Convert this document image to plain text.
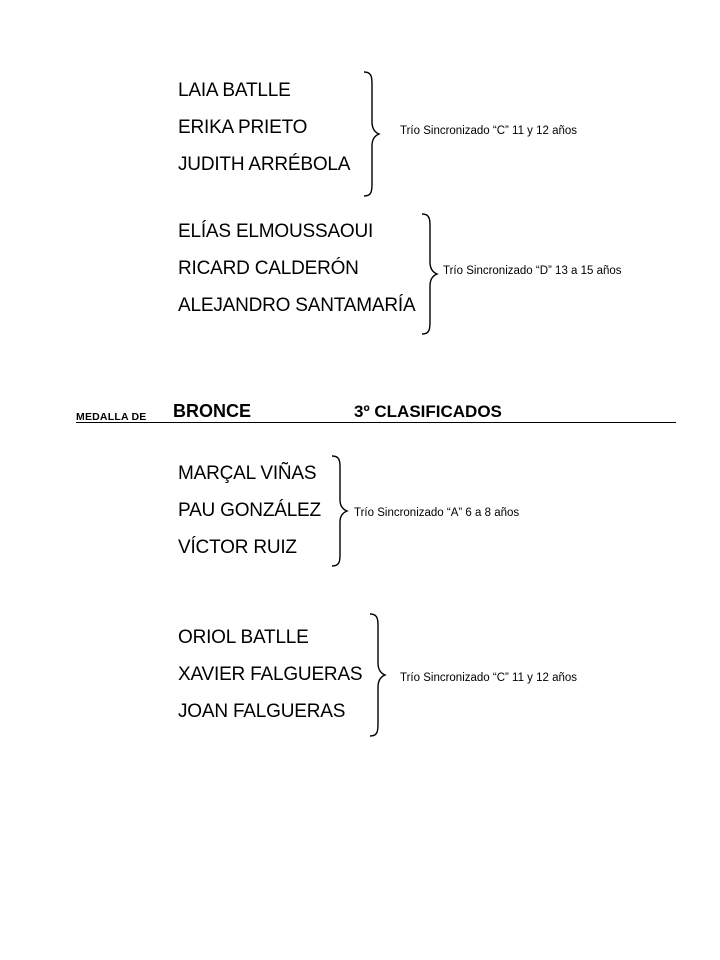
LAIA BATLLE
ERIKA PRIETO
JUDITH ARRÉBOLA
Trío Sincronizado “C” 11 y 12 años
ELÍAS ELMOUSSAOUI
RICARD CALDERÓN
ALEJANDRO SANTAMARÍA
Trío Sincronizado “D” 13 a 15 años
MEDALLA DE BRONCE	3º CLASIFICADOS
MARÇAL VIÑAS
PAU GONZÁLEZ
VÍCTOR RUIZ
Trío Sincronizado “A” 6 a 8 años
ORIOL BATLLE
XAVIER FALGUERAS
JOAN FALGUERAS
Trío Sincronizado “C” 11 y 12 años
